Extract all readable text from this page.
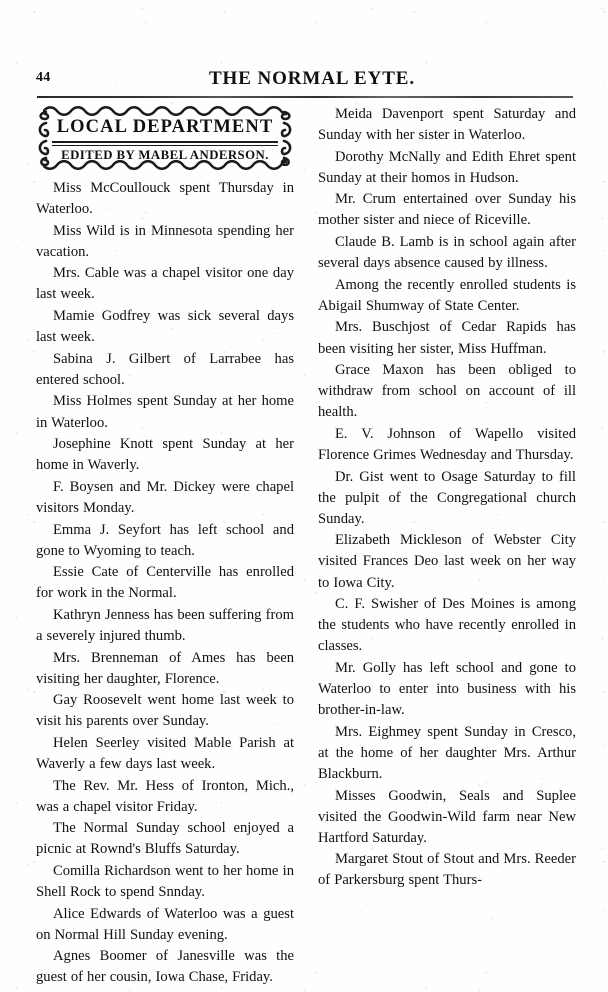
44	THE NORMAL EYTE.
LOCAL DEPARTMENT
EDITED BY MABEL ANDERSON.

Miss McCoullouck spent Thursday in Waterloo.

Miss Wild is in Minnesota spending her vacation.

Mrs. Cable was a chapel visitor one day last week.

Mamie Godfrey was sick several days last week.

Sabina J. Gilbert of Larrabee has entered school.

Miss Holmes spent Sunday at her home in Waterloo.

Josephine Knott spent Sunday at her home in Waverly.

F. Boysen and Mr. Dickey were chapel visitors Monday.

Emma J. Seyfort has left school and gone to Wyoming to teach.

Essie Cate of Centerville has enrolled for work in the Normal.

Kathryn Jenness has been suffering from a severely injured thumb.

Mrs. Brenneman of Ames has been visiting her daughter, Florence.

Gay Roosevelt went home last week to visit his parents over Sunday.

Helen Seerley visited Mable Parish at Waverly a few days last week.

The Rev. Mr. Hess of Ironton, Mich., was a chapel visitor Friday.

The Normal Sunday school enjoyed a picnic at Rownd's Bluffs Saturday.

Comilla Richardson went to her home in Shell Rock to spend Snnday.

Alice Edwards of Waterloo was a guest on Normal Hill Sunday evening.

Agnes Boomer of Janesville was the guest of her cousin, Iowa Chase, Friday.

Meida Davenport spent Saturday and Sunday with her sister in Waterloo.

Dorothy McNally and Edith Ehret spent Sunday at their homos in Hudson.

Mr. Crum entertained over Sunday his mother sister and niece of Riceville.

Claude B. Lamb is in school again after several days absence caused by illness.

Among the recently enrolled students is Abigail Shumway of State Center.

Mrs. Buschjost of Cedar Rapids has been visiting her sister, Miss Huffman.

Grace Maxon has been obliged to withdraw from school on account of ill health.

E. V. Johnson of Wapello visited Florence Grimes Wednesday and Thursday.

Dr. Gist went to Osage Saturday to fill the pulpit of the Congregational church Sunday.

Elizabeth Mickleson of Webster City visited Frances Deo last week on her way to Iowa City.

C. F. Swisher of Des Moines is among the students who have recently enrolled in classes.

Mr. Golly has left school and gone to Waterloo to enter into business with his brother-in-law.

Mrs. Eighmey spent Sunday in Cresco, at the home of her daughter Mrs. Arthur Blackburn.

Misses Goodwin, Seals and Suplee visited the Goodwin-Wild farm near New Hartford Saturday.

Margaret Stout of Stout and Mrs. Reeder of Parkersburg spent Thurs-
